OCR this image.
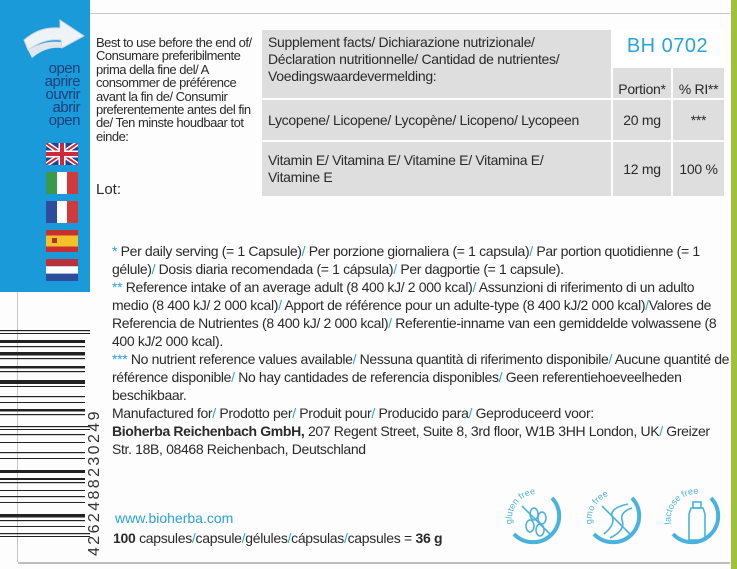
open
aprire
ouvrir
abrir
open
4262488230249
Best to use before the end of/ Consumare preferibilmente prima della fine del/ A consommer de préférence avant la fin de/ Consumir preferentemente antes del fin de/ Ten minste houdbaar tot einde:
Lot:
Supplement facts/ Dichiarazione nutrizionale/ Déclaration nutritionnelle/ Cantidad de nutrientes/ Voedingswaardevermelding:
BH 0702
Portion* % RI**
Lycopene/ Licopene/ Lycopène/ Licopeno/ Lycopeen	20 mg	***
Vitamin E/ Vitamina E/ Vitamine E/ Vitamina E/ Vitamine E	12 mg	100 %

* Per daily serving (= 1 Capsule)/ Per porzione giornaliera (= 1 capsula)/ Par portion quotidienne (= 1 gélule)/ Dosis diaria recomendada (= 1 cápsula)/ Per dagportie (= 1 capsule).

** Reference intake of an average adult (8 400 kJ/ 2 000 kcal)/ Assunzioni di riferimento di un adulto medio (8 400 kJ/ 2 000 kcal)/ Apport de référence pour un adulte-type (8 400 kJ/2 000 kcal)/Valores de Referencia de Nutrientes (8 400 kJ/ 2 000 kcal)/ Referentie-inname van een gemiddelde volwassene (8 400 kJ/2 000 kcal).

*** No nutrient reference values available/ Nessuna quantità di riferimento disponibile/ Aucune quantité de référence disponible/ No hay cantidades de referencia disponibles/ Geen referentiehoeveelheden beschikbaar.

Manufactured for/ Prodotto per/ Produit pour/ Producido para/ Geproduceerd voor:

Bioherba Reichenbach GmbH, 207 Regent Street, Suite 8, 3rd floor, W1B 3HH London, UK/ Greizer Str. 18B, 08468 Reichenbach, Deutschland

www.bioherba.com
100 capsules/capsule/gélules/cápsulas/capsules = 36 g
gluten free
gmo free
lactose free
